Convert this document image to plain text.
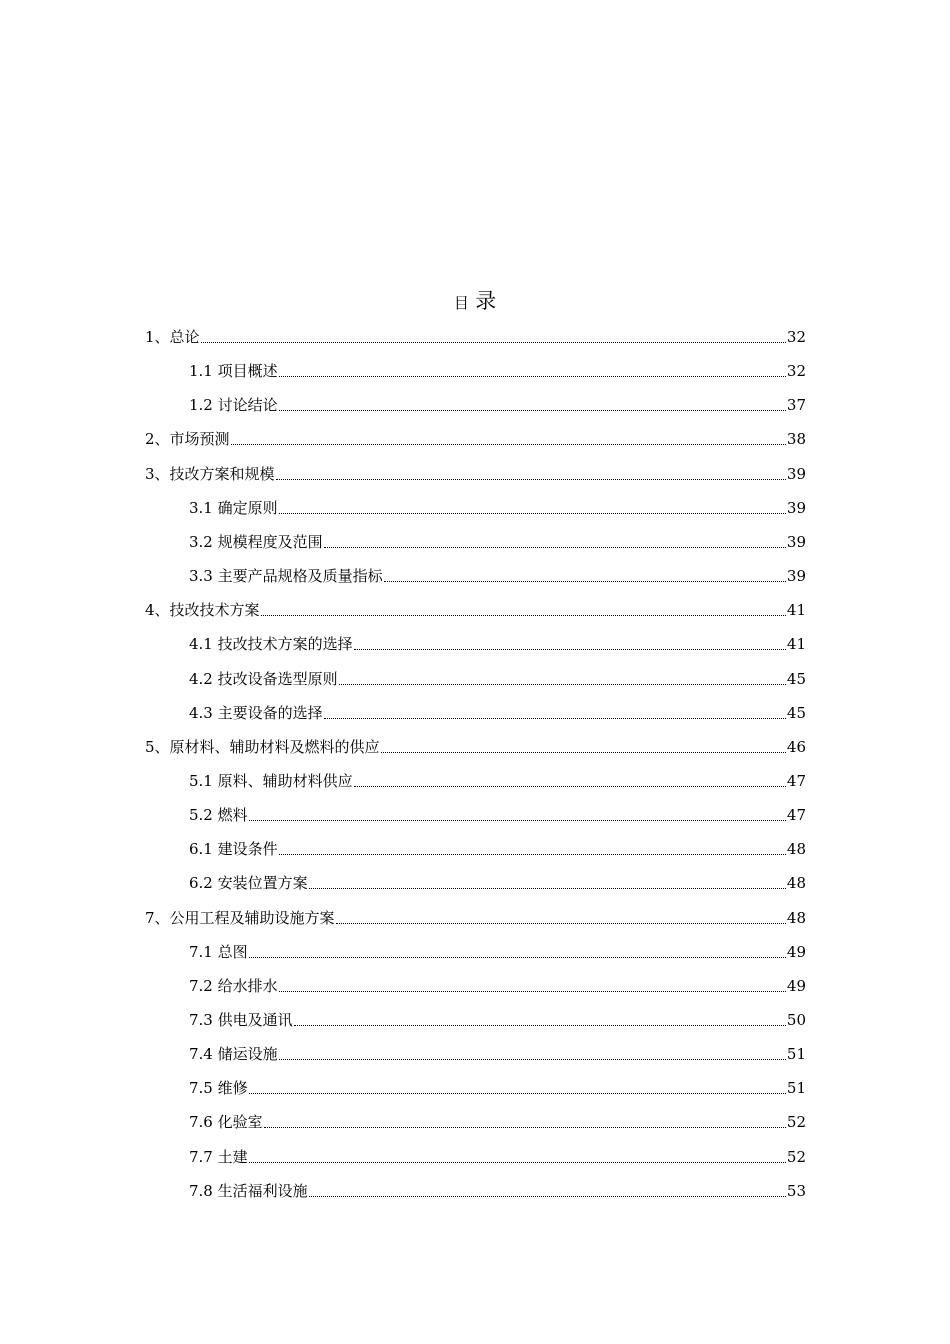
目 录
1、总论	32
1.1 项目概述	32
1.2 讨论结论	37
2、市场预测	38
3、技改方案和规模	39
3.1 确定原则	39
3.2 规模程度及范围	39
3.3 主要产品规格及质量指标	39
4、技改技术方案	41
4.1 技改技术方案的选择	41
4.2 技改设备选型原则	45
4.3 主要设备的选择	45
5、原材料、辅助材料及燃料的供应	46
5.1 原料、辅助材料供应	47
5.2 燃料	47
6.1 建设条件	48
6.2 安装位置方案	48
7、公用工程及辅助设施方案	48
7.1 总图	49
7.2 给水排水	49
7.3 供电及通讯	50
7.4 储运设施	51
7.5 维修	51
7.6 化验室	52
7.7 土建	52
7.8 生活福利设施	53
